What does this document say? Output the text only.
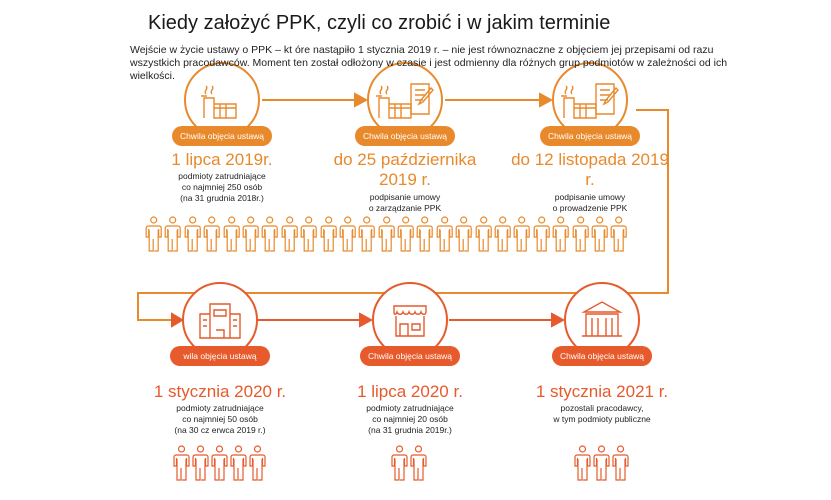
Kiedy założyć PPK, czyli co zrobić i w jakim terminie
Wejście w życie ustawy o PPK – kt óre nastąpiło 1 stycznia 2019 r. – nie jest równoznaczne z objęciem jej przepisami od razu wszystkich pracodawców. Moment ten został odłożony w czasie i jest odmienny dla różnych grup podmiotów w zależności od ich wielkości.
Chwila objęcia ustawą
1 lipca 2019r.
podmioty zatrudniające
co najmniej 250 osób
(na 31 grudnia 2018r.)
Chwila objęcia ustawą
do 25 października 2019 r.
podpisanie umowy
o zarządzanie PPK
Chwila objęcia ustawą
do 12 listopada 2019 r.
podpisanie umowy
o prowadzenie PPK
wila objęcia ustawą
1 stycznia 2020 r.
podmioty zatrudniające
co najmniej 50 osób
(na 30 cz erwca 2019 r.)
Chwila objęcia ustawą
1 lipca 2020 r.
podmioty zatrudniające
co najmniej 20 osób
(na 31 grudnia 2019r.)
Chwila objęcia ustawą
1 stycznia 2021 r.
pozostali pracodawcy,
w tym podmioty publiczne
